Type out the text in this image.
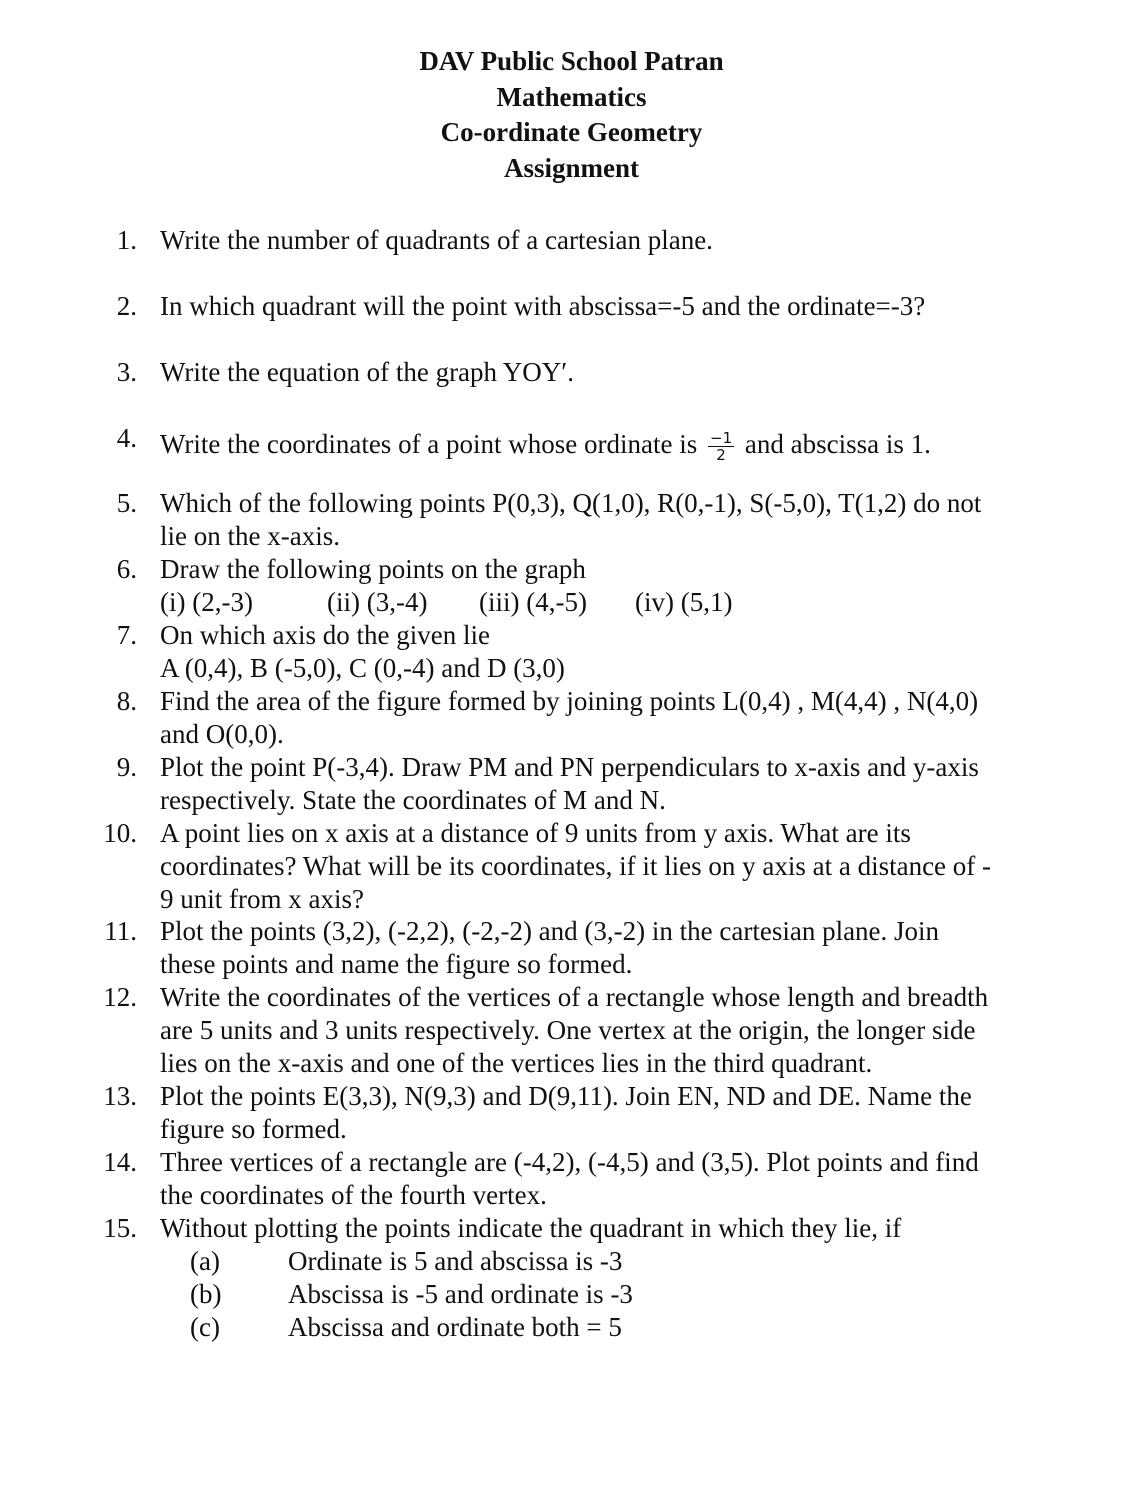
DAV Public School Patran
Mathematics
Co-ordinate Geometry
Assignment
1. Write the number of quadrants of a cartesian plane.
2. In which quadrant will the point with abscissa=-5 and the ordinate=-3?
3. Write the equation of the graph YOY′.
4. Write the coordinates of a point whose ordinate is $\frac{-1}{2}$ and abscissa is 1.
5. Which of the following points P(0,3), Q(1,0), R(0,-1), S(-5,0), T(1,2) do not
lie on the x-axis.
6. Draw the following points on the graph
(i) (2,-3)	(ii) (3,-4) (iii) (4,-5) (iv) (5,1)
7. On which axis do the given lie
A (0,4), B (-5,0), C (0,-4) and D (3,0)
8. Find the area of the figure formed by joining points L(0,4) , M(4,4) , N(4,0)
and O(0,0).
9. Plot the point P(-3,4). Draw PM and PN perpendiculars to x-axis and y-axis
respectively. State the coordinates of M and N.
10. A point lies on x axis at a distance of 9 units from y axis. What are its
coordinates? What will be its coordinates, if it lies on y axis at a distance of -
9 unit from x axis?
11. Plot the points (3,2), (-2,2), (-2,-2) and (3,-2) in the cartesian plane. Join
these points and name the figure so formed.
12. Write the coordinates of the vertices of a rectangle whose length and breadth
are 5 units and 3 units respectively. One vertex at the origin, the longer side
lies on the x-axis and one of the vertices lies in the third quadrant.
13. Plot the points E(3,3), N(9,3) and D(9,11). Join EN, ND and DE. Name the
figure so formed.
14. Three vertices of a rectangle are (-4,2), (-4,5) and (3,5). Plot points and find
the coordinates of the fourth vertex.
15. Without plotting the points indicate the quadrant in which they lie, if
(a)	Ordinate is 5 and abscissa is -3
(b) Abscissa is -5 and ordinate is -3
(c)	Abscissa and ordinate both = 5
